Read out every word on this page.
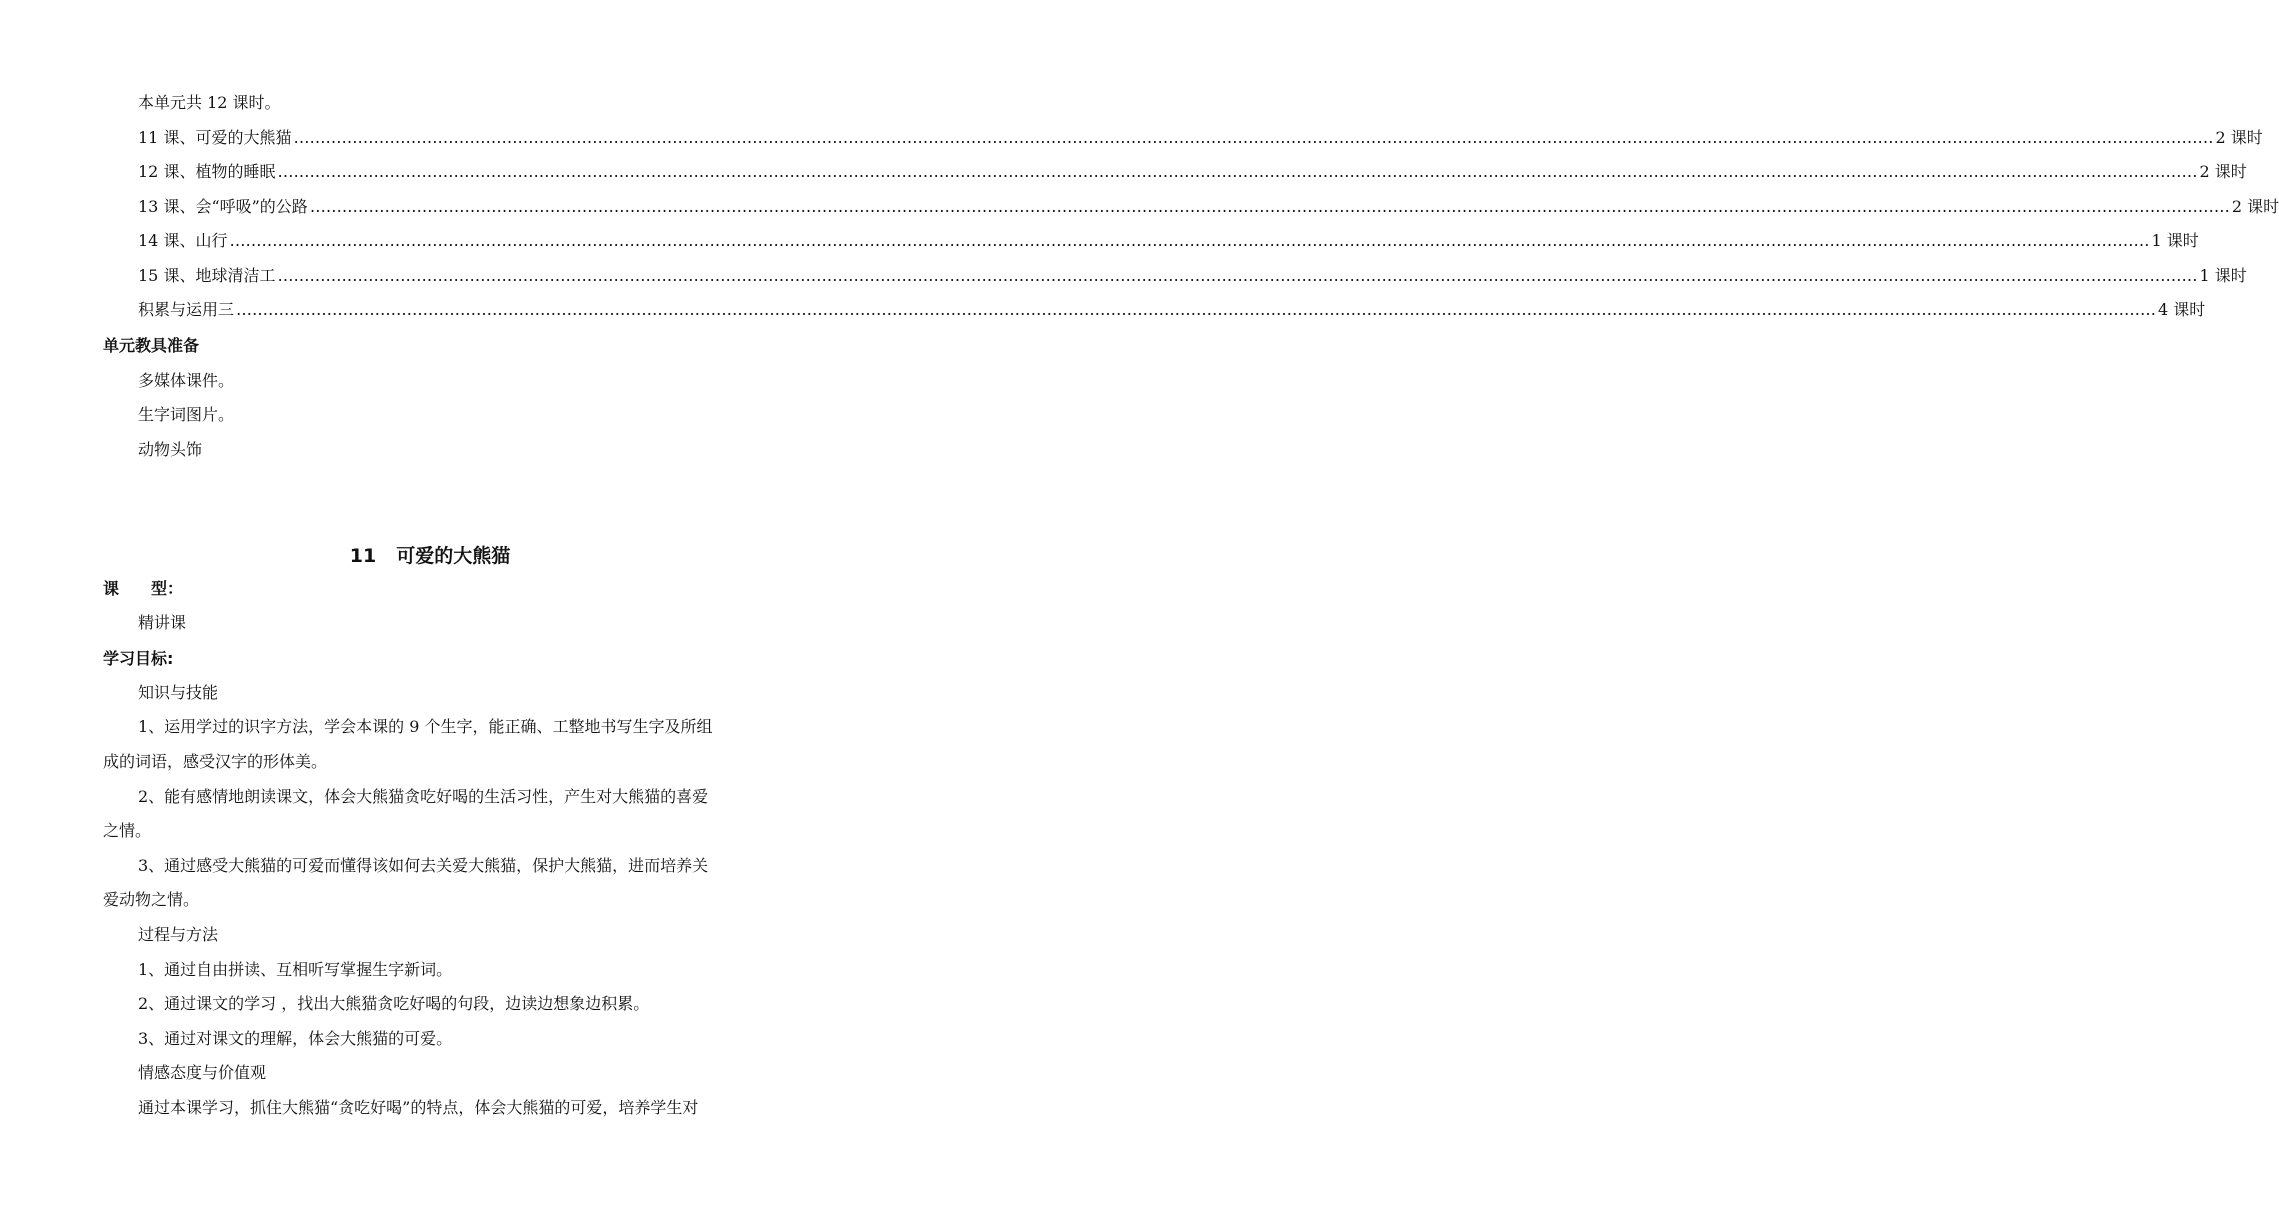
本单元共 12 课时。
11 课、可爱的大熊猫 ……………………………………………………………………………………………………………………………………………………………………………………………………………………………………………………………………………………………………………………………… 2 课时
12 课、植物的睡眠 ……………………………………………………………………………………………………………………………………………………………………………………………………………………………………………………………………………………………………………………………… 2 课时
13 课、会“呼吸”的公路 ……………………………………………………………………………………………………………………………………………………………………………………………………………………………………………………………………………………………………………………………… 2 课时
14 课、山行 ……………………………………………………………………………………………………………………………………………………………………………………………………………………………………………………………………………………………………………………………… 1 课时
15 课、地球清洁工 ……………………………………………………………………………………………………………………………………………………………………………………………………………………………………………………………………………………………………………………………… 1 课时
积累与运用三 ……………………………………………………………………………………………………………………………………………………………………………………………………………………………………………………………………………………………………………………………… 4 课时
单元教具准备
多媒体课件。
生字词图片。
动物头饰
11 可爱的大熊猫
课　　型：
精讲课
学习目标:
知识与技能
1、运用学过的识字方法，学会本课的 9 个生字，能正确、工整地书写生字及所组
成的词语，感受汉字的形体美。
2、能有感情地朗读课文，体会大熊猫贪吃好喝的生活习性，产生对大熊猫的喜爱
之情。
3、通过感受大熊猫的可爱而懂得该如何去关爱大熊猫，保护大熊猫，进而培养关
爱动物之情。
过程与方法
1、通过自由拼读、互相听写掌握生字新词。
2、通过课文的学习 ，找出大熊猫贪吃好喝的句段，边读边想象边积累。
3、通过对课文的理解，体会大熊猫的可爱。
情感态度与价值观
通过本课学习，抓住大熊猫“贪吃好喝”的特点，体会大熊猫的可爱，培养学生对
